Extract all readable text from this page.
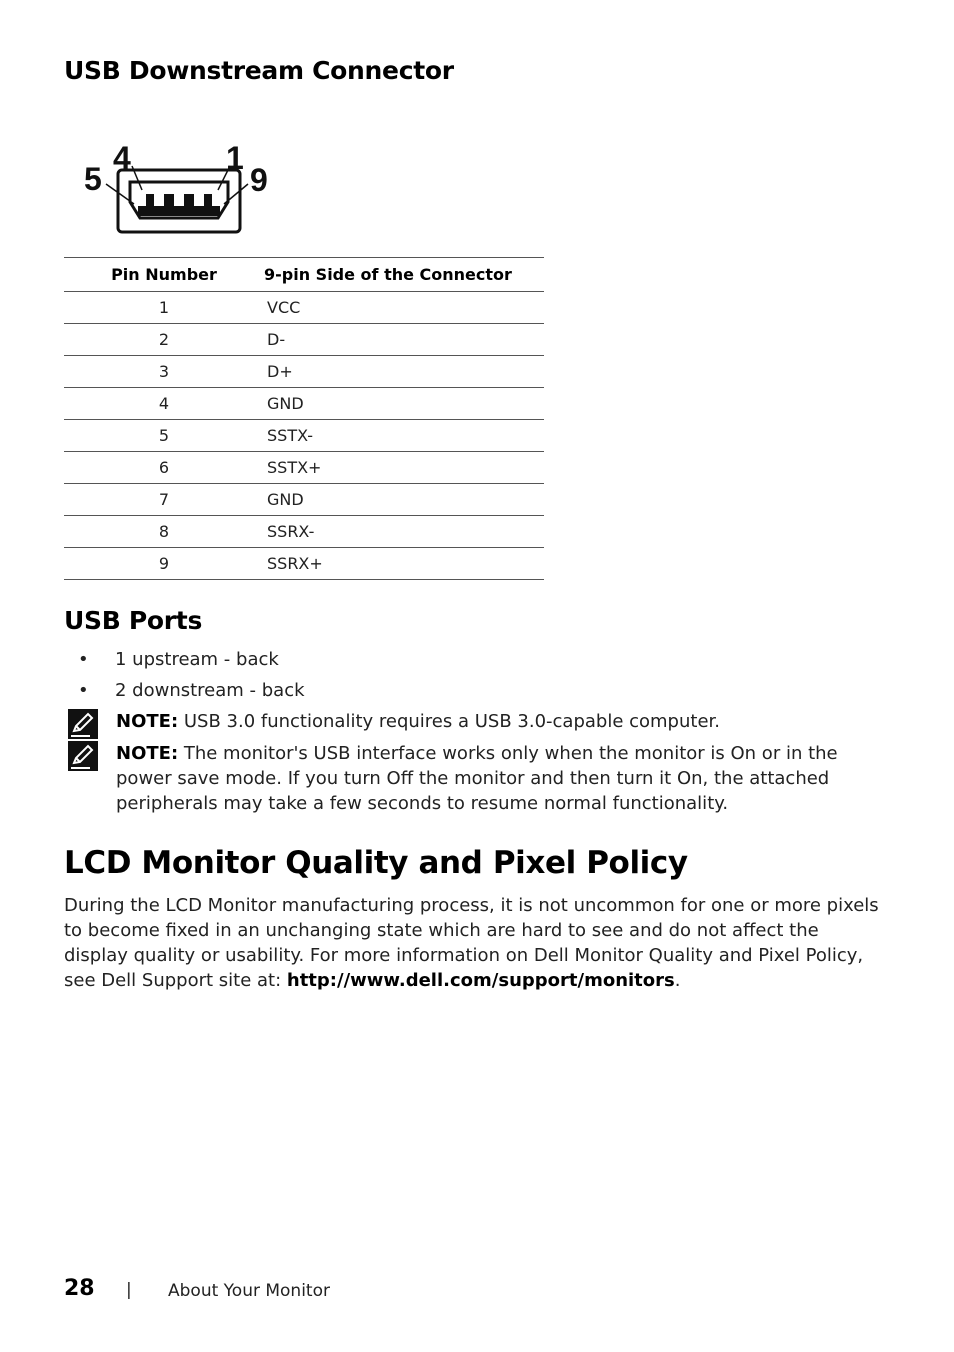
USB Downstream Connector
4	1
5	9
Pin Number	9-pin Side of the Connector
1	VCC
2	D-
3	D+
4	GND
5	SSTX-
6	SSTX+
7	GND
8	SSRX-
9	SSRX+
USB Ports
• 1 upstream - back
• 2 downstream - back
NOTE: USB 3.0 functionality requires a USB 3.0-capable computer.
NOTE: The monitor's USB interface works only when the monitor is On or in the power save mode. If you turn Off the monitor and then turn it On, the attached peripherals may take a few seconds to resume normal functionality.
LCD Monitor Quality and Pixel Policy

During the LCD Monitor manufacturing process, it is not uncommon for one or more pixels to become fixed in an unchanging state which are hard to see and do not affect the display quality or usability. For more information on Dell Monitor Quality and Pixel Policy, see Dell Support site at: http://www.dell.com/support/monitors.

28 | About Your Monitor
